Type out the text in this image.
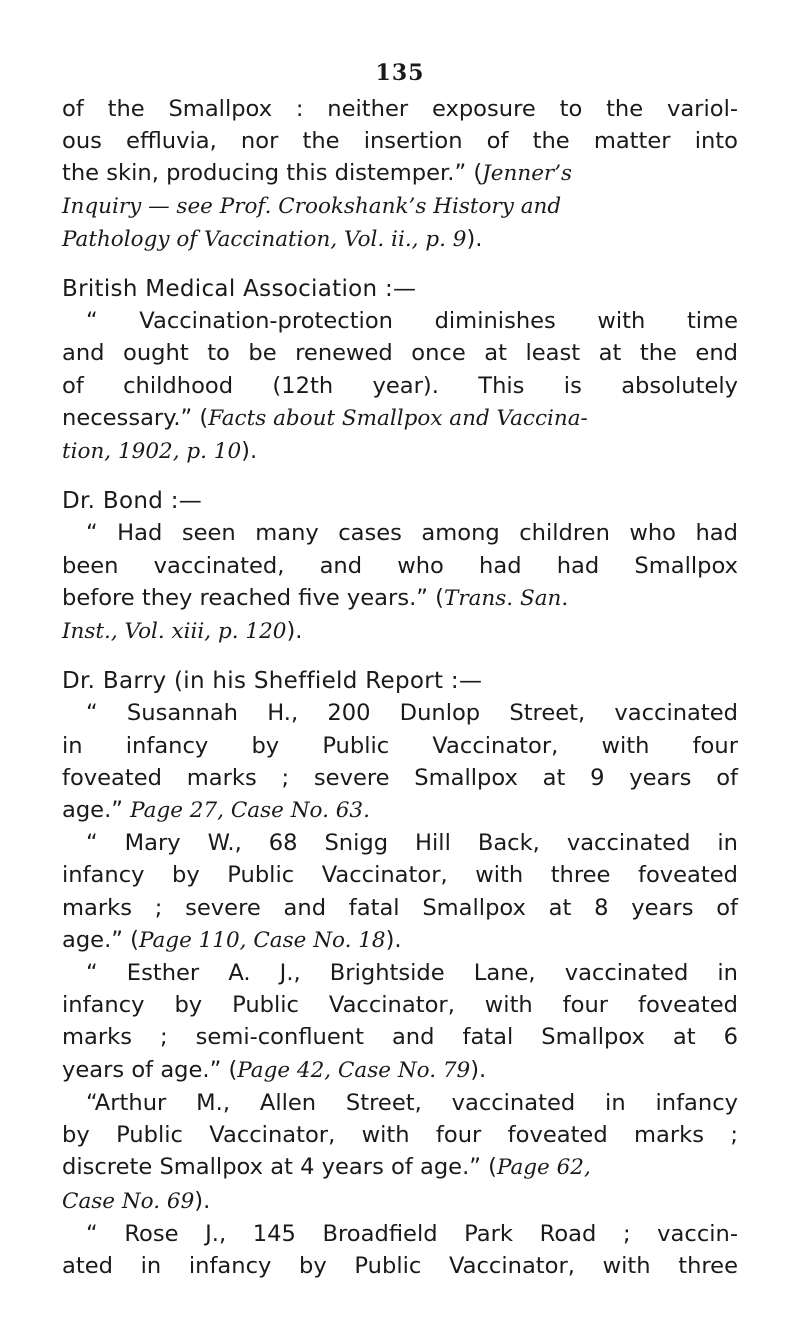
135
of the Smallpox : neither exposure to the variol-
ous effluvia, nor the insertion of the matter into
the skin, producing this distemper.” (Jenner’s
Inquiry — see Prof. Crookshank’s History and
Pathology of Vaccination, Vol. ii., p. 9).
British Medical Association :—
“ Vaccination-protection diminishes with time
and ought to be renewed once at least at the end
of childhood (12th year). This is absolutely
necessary.” (Facts about Smallpox and Vaccina-
tion, 1902, p. 10).
Dr. Bond :—
“ Had seen many cases among children who had
been vaccinated, and who had had Smallpox
before they reached five years.” (Trans. San.
Inst., Vol. xiii, p. 120).
Dr. Barry (in his Sheffield Report :—
“ Susannah H., 200 Dunlop Street, vaccinated
in infancy by Public Vaccinator, with four
foveated marks ; severe Smallpox at 9 years of
age.” Page 27, Case No. 63.
“ Mary W., 68 Snigg Hill Back, vaccinated in
infancy by Public Vaccinator, with three foveated
marks ; severe and fatal Smallpox at 8 years of
age.” (Page 110, Case No. 18).
“ Esther A. J., Brightside Lane, vaccinated in
infancy by Public Vaccinator, with four foveated
marks ; semi-confluent and fatal Smallpox at 6
years of age.” (Page 42, Case No. 79).
“Arthur M., Allen Street, vaccinated in infancy
by Public Vaccinator, with four foveated marks ;
discrete Smallpox at 4 years of age.” (Page 62,
Case No. 69).
“ Rose J., 145 Broadfield Park Road ; vaccin-
ated in infancy by Public Vaccinator, with three
